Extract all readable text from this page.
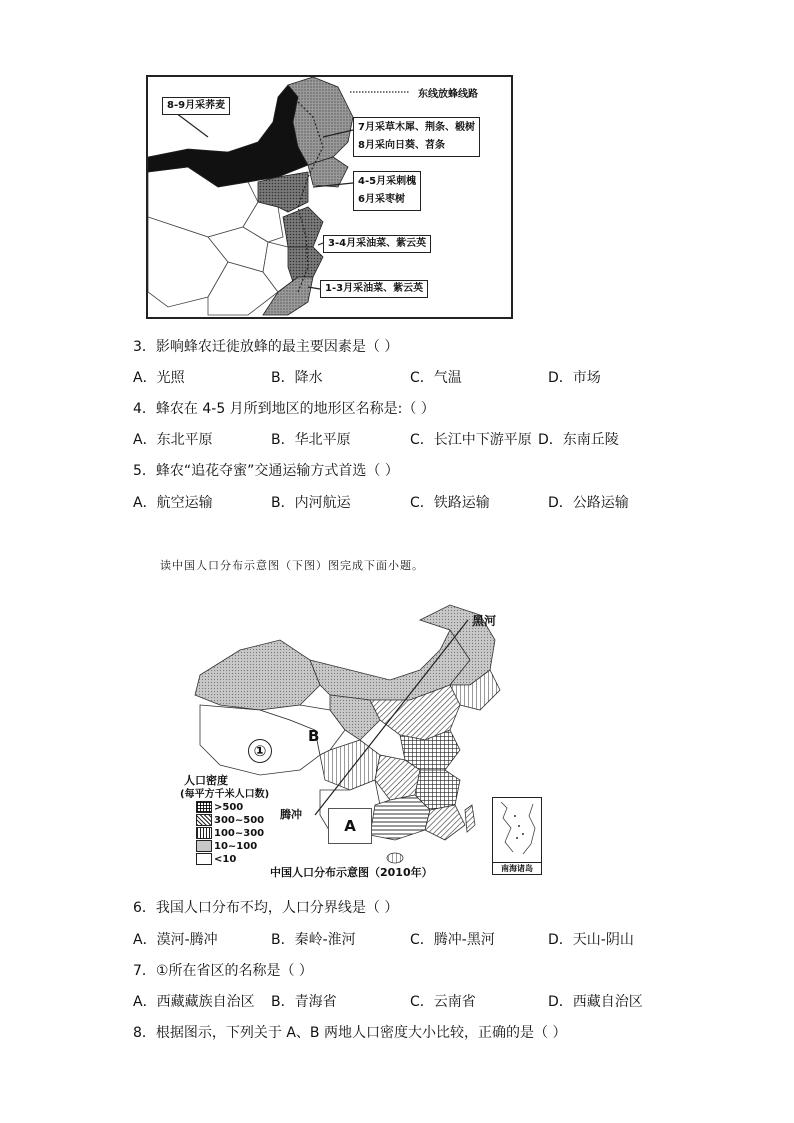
东线放蜂线路
8-9月采荞麦
7月采草木犀、荆条、椴树
8月采向日葵、苕条
4-5月采刺槐
6月采枣树
3-4月采油菜、紫云英
1-3月采油菜、紫云英
3．影响蜂农迁徙放蜂的最主要因素是（ ）
A．光照	B．降水	C．气温	D．市场
4．蜂农在 4-5 月所到地区的地形区名称是:（ ）
A．东北平原	B．华北平原	C．长江中下游平原 D．东南丘陵
5．蜂农“追花夺蜜”交通运输方式首选（ ）
A．航空运输	B．内河航运	C．铁路运输	D．公路运输
读中国人口分布示意图（下图）图完成下面小题。
黑河
腾冲
①
B
A
人口密度
(每平方千米人口数)
>500
300~500
100~300
10~100
<10
南海诸岛
中国人口分布示意图（2010年）
6．我国人口分布不均，人口分界线是（ ）
A．漠河-腾冲	B．秦岭-淮河	C．腾冲-黑河	D．天山-阴山
7．①所在省区的名称是（ ）
A．西藏藏族自治区 B．青海省	C．云南省	D．西藏自治区
8．根据图示，下列关于 A、B 两地人口密度大小比较，正确的是（ ）
